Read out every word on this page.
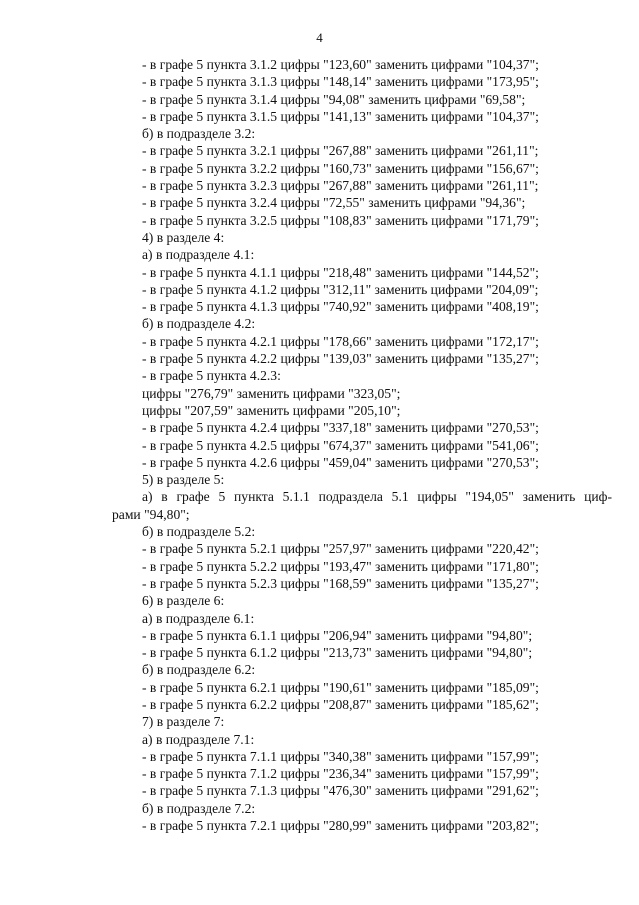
4
- в графе 5 пункта 3.1.2 цифры "123,60" заменить цифрами "104,37";
- в графе 5 пункта 3.1.3 цифры "148,14" заменить цифрами "173,95";
- в графе 5 пункта 3.1.4 цифры "94,08" заменить цифрами "69,58";
- в графе 5 пункта 3.1.5 цифры "141,13" заменить цифрами "104,37";
б) в подразделе 3.2:
- в графе 5 пункта 3.2.1 цифры "267,88" заменить цифрами "261,11";
- в графе 5 пункта 3.2.2 цифры "160,73" заменить цифрами "156,67";
- в графе 5 пункта 3.2.3 цифры "267,88" заменить цифрами "261,11";
- в графе 5 пункта 3.2.4 цифры "72,55" заменить цифрами "94,36";
- в графе 5 пункта 3.2.5 цифры "108,83" заменить цифрами "171,79";
4) в разделе 4:
а) в подразделе 4.1:
- в графе 5 пункта 4.1.1 цифры "218,48" заменить цифрами "144,52";
- в графе 5 пункта 4.1.2 цифры "312,11" заменить цифрами "204,09";
- в графе 5 пункта 4.1.3 цифры "740,92" заменить цифрами "408,19";
б) в подразделе 4.2:
- в графе 5 пункта 4.2.1 цифры "178,66" заменить цифрами "172,17";
- в графе 5 пункта 4.2.2 цифры "139,03" заменить цифрами "135,27";
- в графе 5 пункта 4.2.3:
цифры "276,79" заменить цифрами "323,05";
цифры "207,59" заменить цифрами "205,10";
- в графе 5 пункта 4.2.4 цифры "337,18" заменить цифрами "270,53";
- в графе 5 пункта 4.2.5 цифры "674,37" заменить цифрами "541,06";
- в графе 5 пункта 4.2.6 цифры "459,04" заменить цифрами "270,53";
5) в разделе 5:
а) в графе 5 пункта 5.1.1 подраздела 5.1 цифры "194,05" заменить циф-
рами "94,80";
б) в подразделе 5.2:
- в графе 5 пункта 5.2.1 цифры "257,97" заменить цифрами "220,42";
- в графе 5 пункта 5.2.2 цифры "193,47" заменить цифрами "171,80";
- в графе 5 пункта 5.2.3 цифры "168,59" заменить цифрами "135,27";
6) в разделе 6:
а) в подразделе 6.1:
- в графе 5 пункта 6.1.1 цифры "206,94" заменить цифрами "94,80";
- в графе 5 пункта 6.1.2 цифры "213,73" заменить цифрами "94,80";
б) в подразделе 6.2:
- в графе 5 пункта 6.2.1 цифры "190,61" заменить цифрами "185,09";
- в графе 5 пункта 6.2.2 цифры "208,87" заменить цифрами "185,62";
7) в разделе 7:
а) в подразделе 7.1:
- в графе 5 пункта 7.1.1 цифры "340,38" заменить цифрами "157,99";
- в графе 5 пункта 7.1.2 цифры "236,34" заменить цифрами "157,99";
- в графе 5 пункта 7.1.3 цифры "476,30" заменить цифрами "291,62";
б) в подразделе 7.2:
- в графе 5 пункта 7.2.1 цифры "280,99" заменить цифрами "203,82";
